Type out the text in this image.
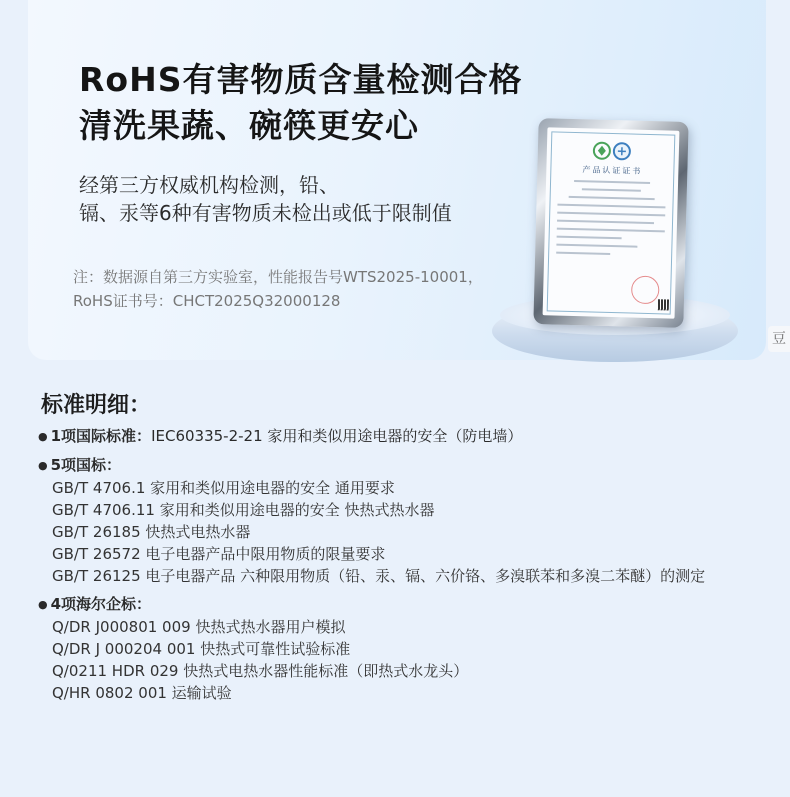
RoHS有害物质含量检测合格
清洗果蔬、碗筷更安心

经第三方权威机构检测，铅、

镉、汞等6种有害物质未检出或低于限制值

注：数据源自第三方实验室，性能报告号WTS2025-10001，

RoHS证书号：CHCT2025Q32000128

产品认证证书
豆
标准明细：
● 1项国际标准：IEC60335-2-21 家用和类似用途电器的安全（防电墙）
● 5项国标：
GB/T 4706.1 家用和类似用途电器的安全 通用要求
GB/T 4706.11 家用和类似用途电器的安全 快热式热水器
GB/T 26185 快热式电热水器
GB/T 26572 电子电器产品中限用物质的限量要求
GB/T 26125 电子电器产品 六种限用物质（铅、汞、镉、六价铬、多溴联苯和多溴二苯醚）的测定
● 4项海尔企标：
Q/DR J000801 009 快热式热水器用户模拟
Q/DR J 000204 001 快热式可靠性试验标准
Q/0211 HDR 029 快热式电热水器性能标准（即热式水龙头）
Q/HR 0802 001 运输试验
